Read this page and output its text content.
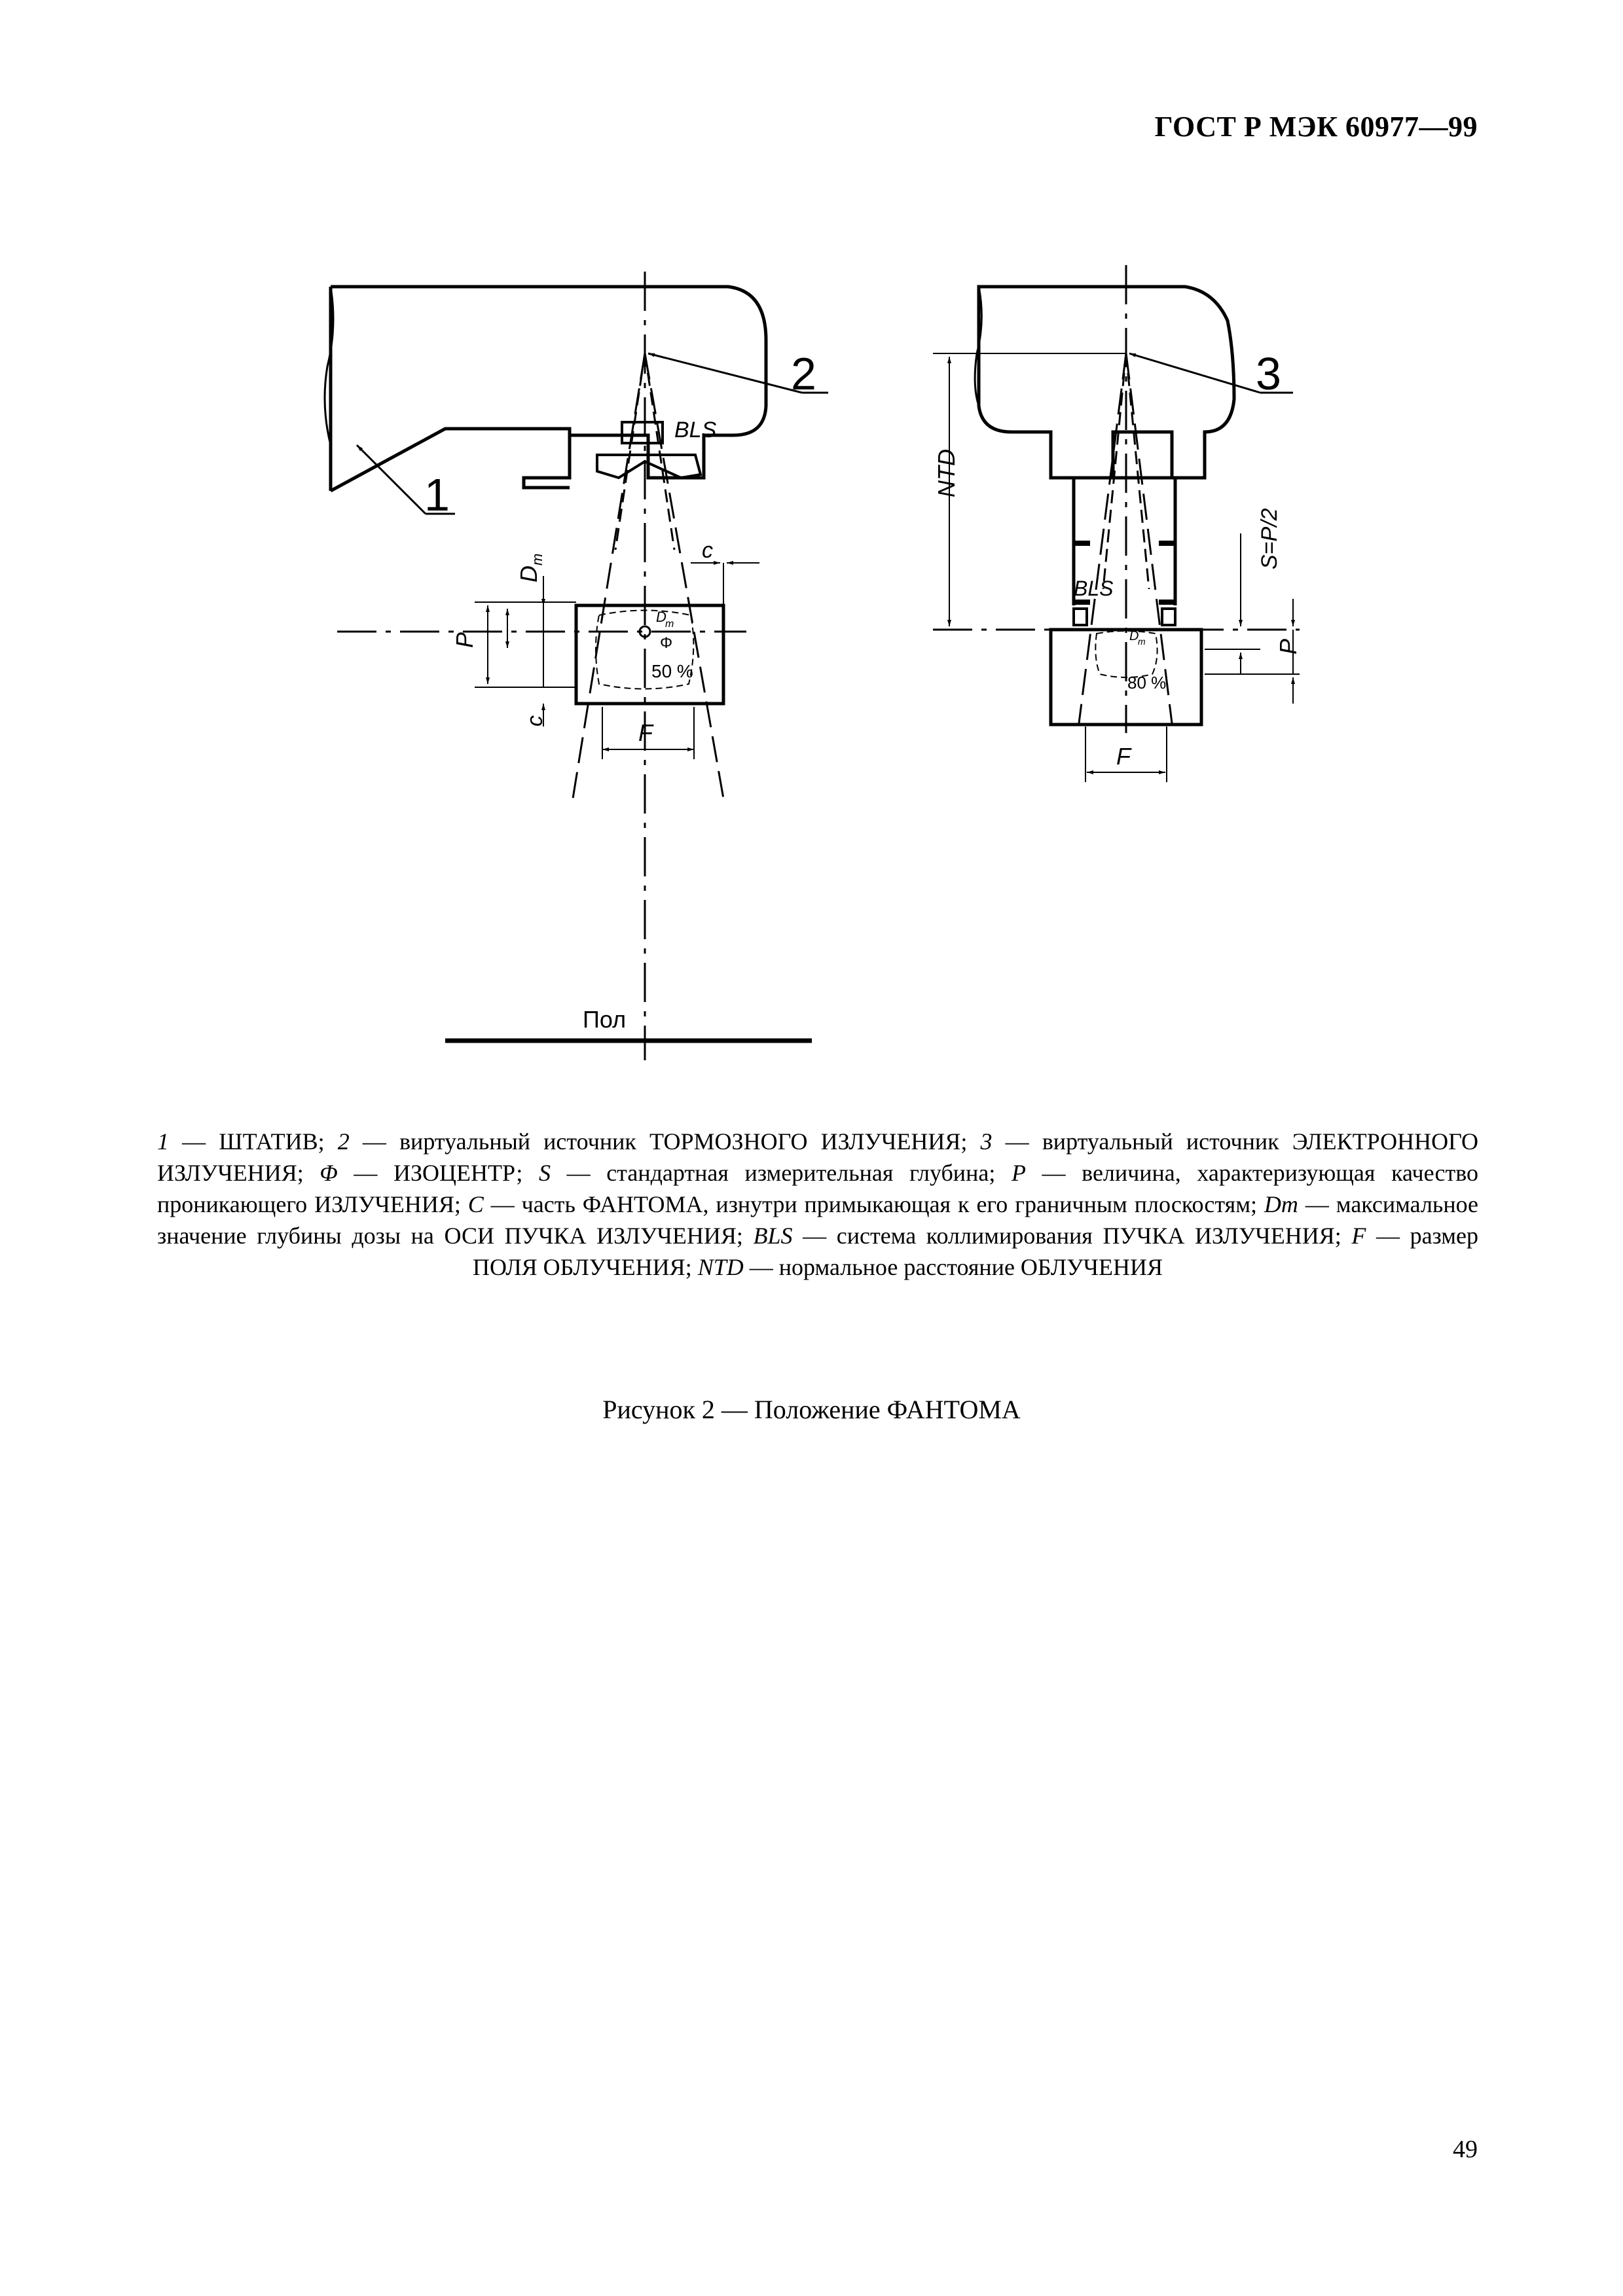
ГОСТ Р МЭК 60977—99
2
1
BLS
c
D
m
P
c
D
m
Φ
50 %
F
Пол
3
NTD
S=P/2
BLS
D
m
80 %
P
F
1 — ШТАТИВ; 2 — виртуальный источник ТОРМОЗНОГО ИЗЛУЧЕНИЯ; 3 — виртуальный источник ЭЛЕКТРОННОГО ИЗЛУЧЕНИЯ; Φ — ИЗОЦЕНТР; S — стандартная измерительная глубина; P — величина, характеризующая качество проникающего ИЗЛУЧЕНИЯ; C — часть ФАНТОМА, изнутри примыкающая к его граничным плоскостям; Dm — максимальное значение глубины дозы на ОСИ ПУЧКА ИЗЛУЧЕНИЯ; BLS — система коллимирования ПУЧКА ИЗЛУЧЕНИЯ; F — размер ПОЛЯ ОБЛУЧЕНИЯ; NTD — нормальное расстояние ОБЛУЧЕНИЯ
Рисунок 2 — Положение ФАНТОМА
49
